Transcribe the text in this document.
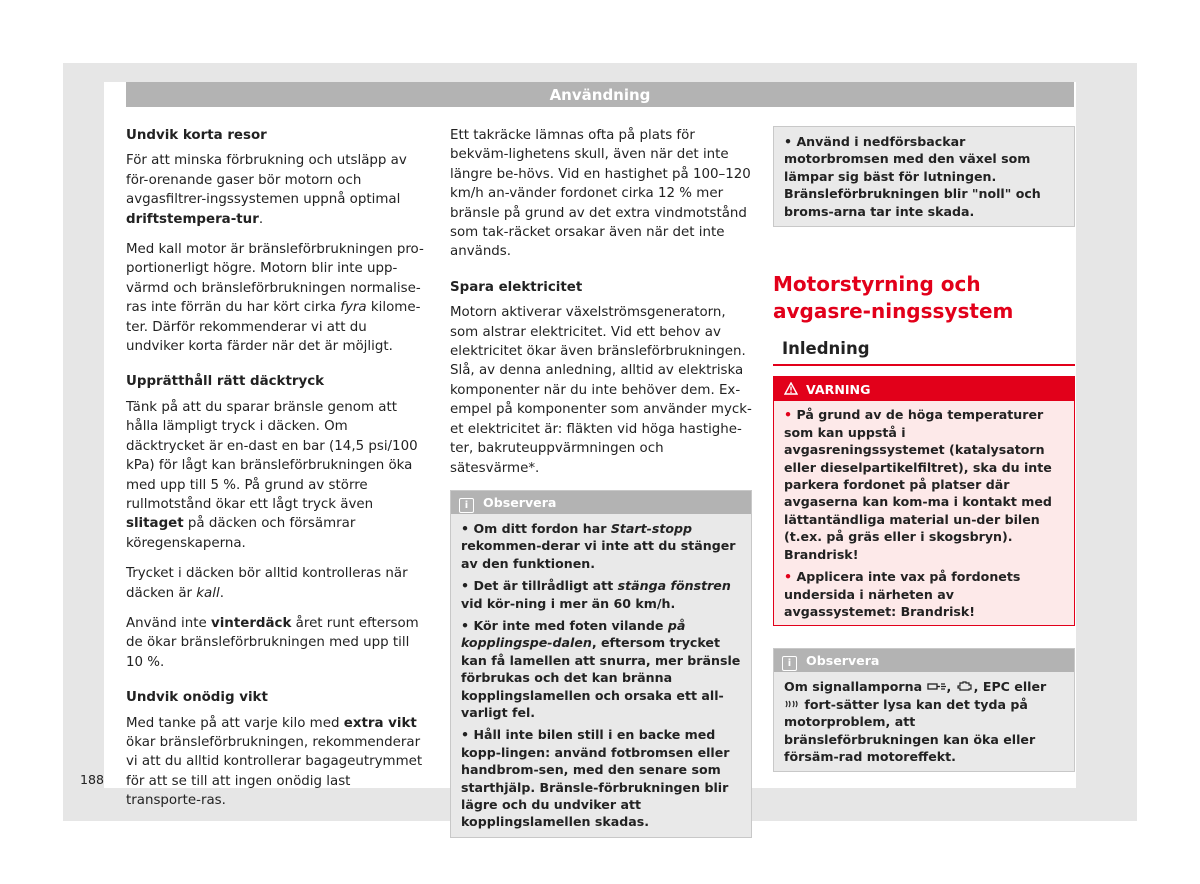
Användning
Undvik korta resor

För att minska förbrukning och utsläpp av för-orenande gaser bör motorn och avgasfiltrer-ingssystemen uppnå optimal driftstempera-tur.

Med kall motor är bränsleförbrukningen pro-portionerligt högre. Motorn blir inte upp-värmd och bränsleförbrukningen normalise-ras inte förrän du har kört cirka fyra kilome-ter. Därför rekommenderar vi att du undviker korta färder när det är möjligt.

Upprätthåll rätt däcktryck

Tänk på att du sparar bränsle genom att hålla lämpligt tryck i däcken. Om däcktrycket är en-dast en bar (14,5 psi/100 kPa) för lågt kan bränsleförbrukningen öka med upp till 5 %. På grund av större rullmotstånd ökar ett lågt tryck även slitaget på däcken och försämrar köregenskaperna.

Trycket i däcken bör alltid kontrolleras när däcken är kall.

Använd inte vinterdäck året runt eftersom de ökar bränsleförbrukningen med upp till 10 %.

Undvik onödig vikt

Med tanke på att varje kilo med extra vikt ökar bränsleförbrukningen, rekommenderar vi att du alltid kontrollerar bagageutrymmet för att se till att ingen onödig last transporte-ras.

Ett takräcke lämnas ofta på plats för bekväm-lighetens skull, även när det inte längre be-hövs. Vid en hastighet på 100–120 km/h an-vänder fordonet cirka 12 % mer bränsle på grund av det extra vindmotstånd som tak-räcket orsakar även när det inte används.

Spara elektricitet

Motorn aktiverar växelströmsgeneratorn, som alstrar elektricitet. Vid ett behov av elektricitet ökar även bränsleförbrukningen. Slå, av denna anledning, alltid av elektriska komponenter när du inte behöver dem. Ex-empel på komponenter som använder myck-et elektricitet är: fläkten vid höga hastighe-ter, bakruteuppvärmningen och sätesvärme*.

i Observera

• Om ditt fordon har Start-stopp rekommen-derar vi inte att du stänger av den funktionen.

• Det är tillrådligt att stänga fönstren vid kör-ning i mer än 60 km/h.

• Kör inte med foten vilande på kopplingspe-dalen, eftersom trycket kan få lamellen att snurra, mer bränsle förbrukas och det kan bränna kopplingslamellen och orsaka ett all-varligt fel.

• Håll inte bilen still i en backe med kopp-lingen: använd fotbromsen eller handbrom-sen, med den senare som starthjälp. Bränsle-förbrukningen blir lägre och du undviker att kopplingslamellen skadas.

• Använd i nedförsbackar motorbromsen med den växel som lämpar sig bäst för lutningen. Bränsleförbrukningen blir "noll" och broms-arna tar inte skada.

Motorstyrning och avgasre-ningssystem
Inledning
VARNING

• På grund av de höga temperaturer som kan uppstå i avgasreningssystemet (katalysatorn eller dieselpartikelfiltret), ska du inte parkera fordonet på platser där avgaserna kan kom-ma i kontakt med lättantändliga material un-der bilen (t.ex. på gräs eller i skogsbryn). Brandrisk!

• Applicera inte vax på fordonets undersida i närheten av avgassystemet: Brandrisk!

i Observera

Om signallamporna , , EPC eller  fort-sätter lysa kan det tyda på motorproblem, att bränsleförbrukningen kan öka eller försäm-rad motoreffekt.

188
